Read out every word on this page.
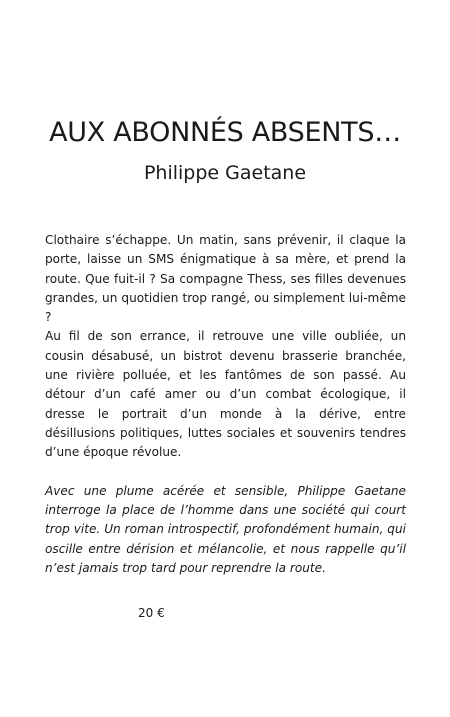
AUX ABONNÉS ABSENTS…
Philippe Gaetane

Clothaire s’échappe. Un matin, sans prévenir, il claque la porte, laisse un SMS énigmatique à sa mère, et prend la route. Que fuit-il ? Sa compagne Thess, ses filles devenues grandes, un quotidien trop rangé, ou simplement lui-même ?

Au fil de son errance, il retrouve une ville oubliée, un cousin désabusé, un bistrot devenu brasserie branchée, une rivière polluée, et les fantômes de son passé. Au détour d’un café amer ou d’un combat écologique, il dresse le portrait d’un monde à la dérive, entre désillusions politiques, luttes sociales et souvenirs tendres d’une époque révolue.

Avec une plume acérée et sensible, Philippe Gaetane interroge la place de l’homme dans une société qui court trop vite. Un roman introspectif, profondément humain, qui oscille entre dérision et mélancolie, et nous rappelle qu’il n’est jamais trop tard pour reprendre la route.

20 €
